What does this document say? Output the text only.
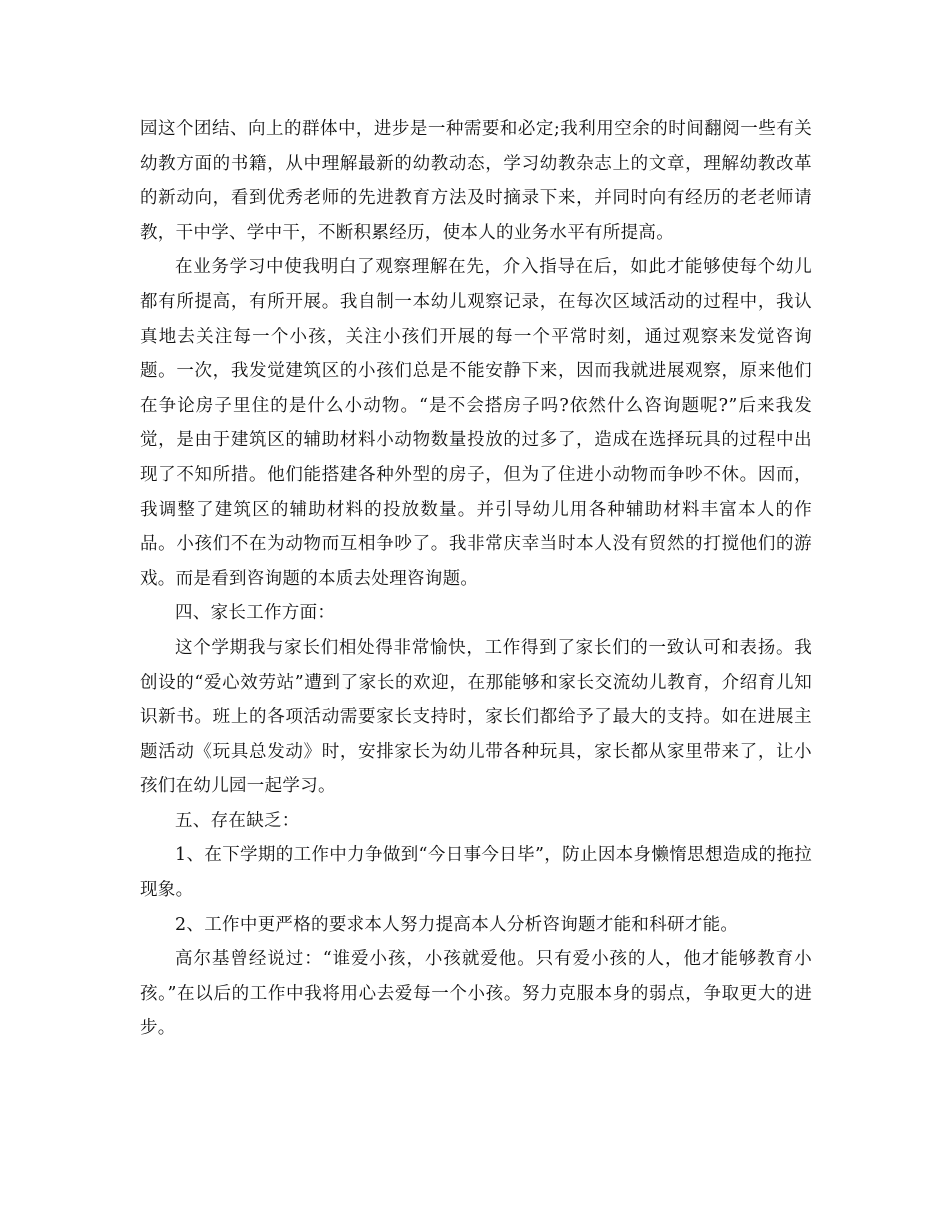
园这个团结、向上的群体中，进步是一种需要和必定;我利用空余的时间翻阅一些有关幼教方面的书籍，从中理解最新的幼教动态，学习幼教杂志上的文章，理解幼教改革的新动向，看到优秀老师的先进教育方法及时摘录下来，并同时向有经历的老老师请教，干中学、学中干，不断积累经历，使本人的业务水平有所提高。

在业务学习中使我明白了观察理解在先，介入指导在后，如此才能够使每个幼儿都有所提高，有所开展。我自制一本幼儿观察记录，在每次区域活动的过程中，我认真地去关注每一个小孩，关注小孩们开展的每一个平常时刻，通过观察来发觉咨询题。一次，我发觉建筑区的小孩们总是不能安静下来，因而我就进展观察，原来他们在争论房子里住的是什么小动物。“是不会搭房子吗?依然什么咨询题呢?”后来我发觉，是由于建筑区的辅助材料小动物数量投放的过多了，造成在选择玩具的过程中出现了不知所措。他们能搭建各种外型的房子，但为了住进小动物而争吵不休。因而，我调整了建筑区的辅助材料的投放数量。并引导幼儿用各种辅助材料丰富本人的作品。小孩们不在为动物而互相争吵了。我非常庆幸当时本人没有贸然的打搅他们的游戏。而是看到咨询题的本质去处理咨询题。

四、家长工作方面：

这个学期我与家长们相处得非常愉快，工作得到了家长们的一致认可和表扬。我创设的“爱心效劳站”遭到了家长的欢迎，在那能够和家长交流幼儿教育，介绍育儿知识新书。班上的各项活动需要家长支持时，家长们都给予了最大的支持。如在进展主题活动《玩具总发动》时，安排家长为幼儿带各种玩具，家长都从家里带来了，让小孩们在幼儿园一起学习。

五、存在缺乏：

1、在下学期的工作中力争做到“今日事今日毕”，防止因本身懒惰思想造成的拖拉现象。

2、工作中更严格的要求本人努力提高本人分析咨询题才能和科研才能。

高尔基曾经说过：“谁爱小孩，小孩就爱他。只有爱小孩的人，他才能够教育小孩。”在以后的工作中我将用心去爱每一个小孩。努力克服本身的弱点，争取更大的进步。
